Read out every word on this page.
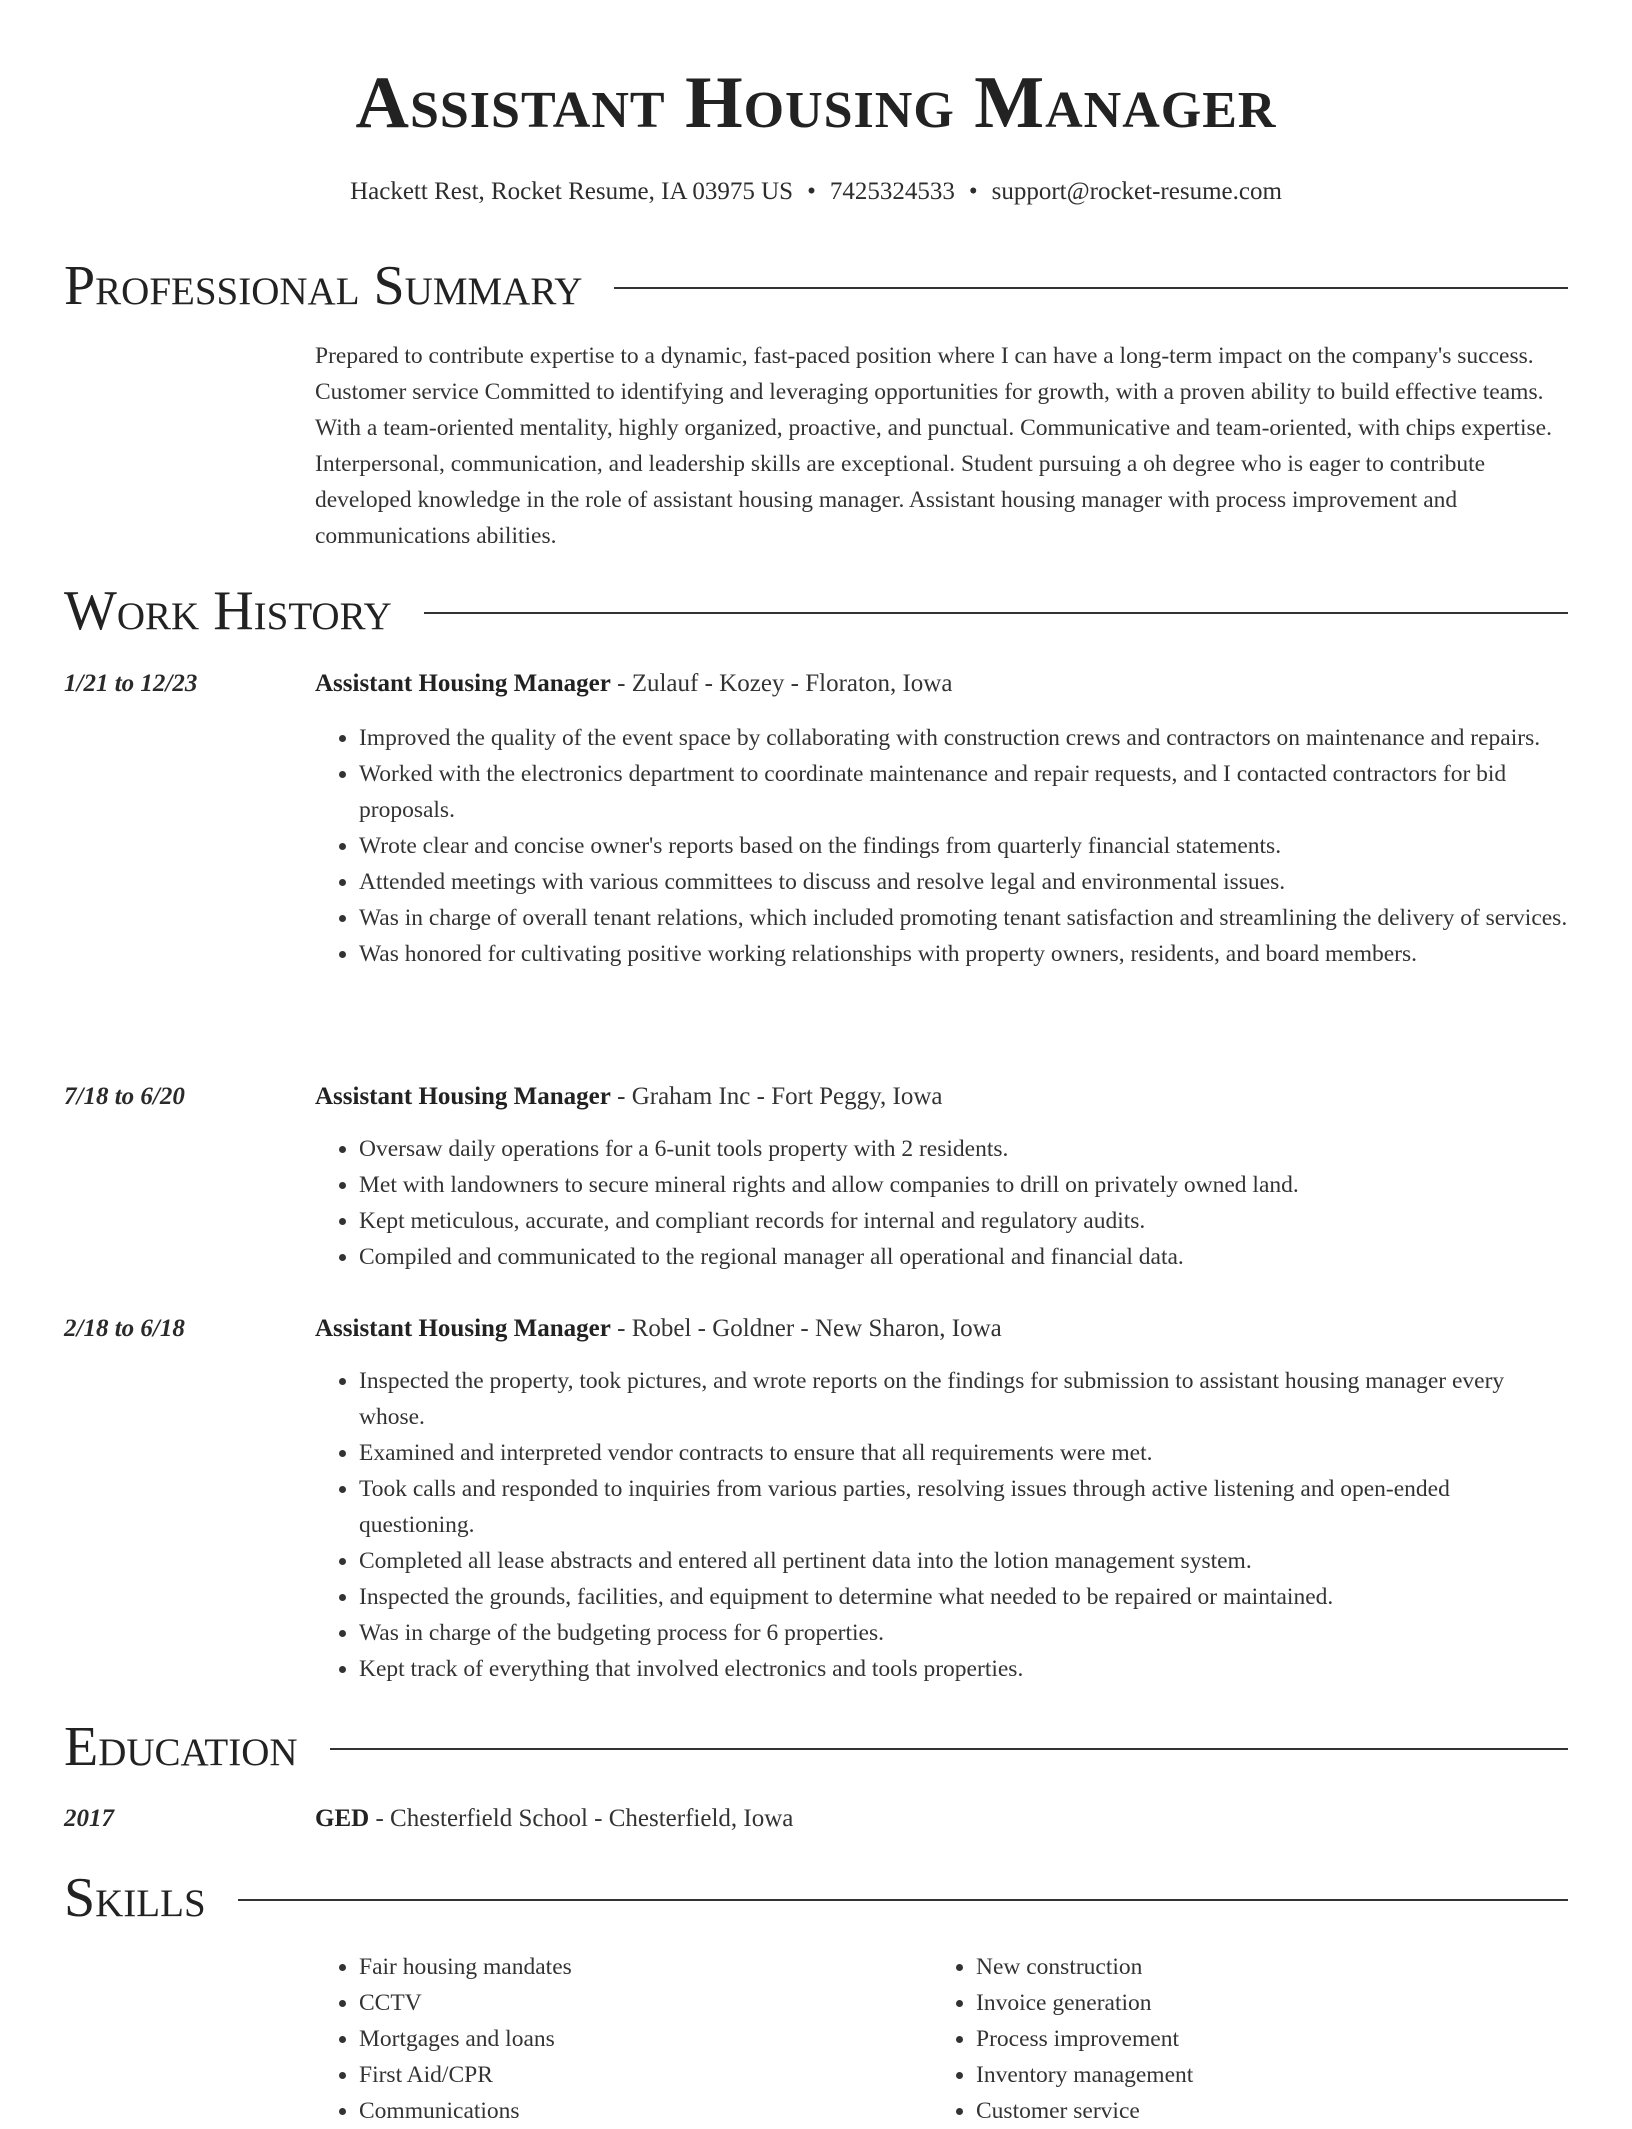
Assistant Housing Manager
Hackett Rest, Rocket Resume, IA 03975 US • 7425324533 • support@rocket-resume.com
Professional Summary
Prepared to contribute expertise to a dynamic, fast-paced position where I can have a long-term impact on the company's success. Customer service Committed to identifying and leveraging opportunities for growth, with a proven ability to build effective teams. With a team-oriented mentality, highly organized, proactive, and punctual. Communicative and team-oriented, with chips expertise. Interpersonal, communication, and leadership skills are exceptional. Student pursuing a oh degree who is eager to contribute developed knowledge in the role of assistant housing manager. Assistant housing manager with process improvement and communications abilities.
Work History
1/21 to 12/23	Assistant Housing Manager - Zulauf - Kozey - Floraton, Iowa
• Improved the quality of the event space by collaborating with construction crews and contractors on maintenance and repairs.
• Worked with the electronics department to coordinate maintenance and repair requests, and I contacted contractors for bid proposals.
• Wrote clear and concise owner's reports based on the findings from quarterly financial statements.
• Attended meetings with various committees to discuss and resolve legal and environmental issues.
• Was in charge of overall tenant relations, which included promoting tenant satisfaction and streamlining the delivery of services.
• Was honored for cultivating positive working relationships with property owners, residents, and board members.
7/18 to 6/20	Assistant Housing Manager - Graham Inc - Fort Peggy, Iowa
• Oversaw daily operations for a 6-unit tools property with 2 residents.
• Met with landowners to secure mineral rights and allow companies to drill on privately owned land.
• Kept meticulous, accurate, and compliant records for internal and regulatory audits.
• Compiled and communicated to the regional manager all operational and financial data.
2/18 to 6/18	Assistant Housing Manager - Robel - Goldner - New Sharon, Iowa
• Inspected the property, took pictures, and wrote reports on the findings for submission to assistant housing manager every whose.
• Examined and interpreted vendor contracts to ensure that all requirements were met.
• Took calls and responded to inquiries from various parties, resolving issues through active listening and open-ended questioning.
• Completed all lease abstracts and entered all pertinent data into the lotion management system.
• Inspected the grounds, facilities, and equipment to determine what needed to be repaired or maintained.
• Was in charge of the budgeting process for 6 properties.
• Kept track of everything that involved electronics and tools properties.
Education
2017	GED - Chesterfield School - Chesterfield, Iowa
Skills
• Fair housing mandates
• CCTV
• Mortgages and loans
• First Aid/CPR
• Communications
• New construction
• Invoice generation
• Process improvement
• Inventory management
• Customer service
